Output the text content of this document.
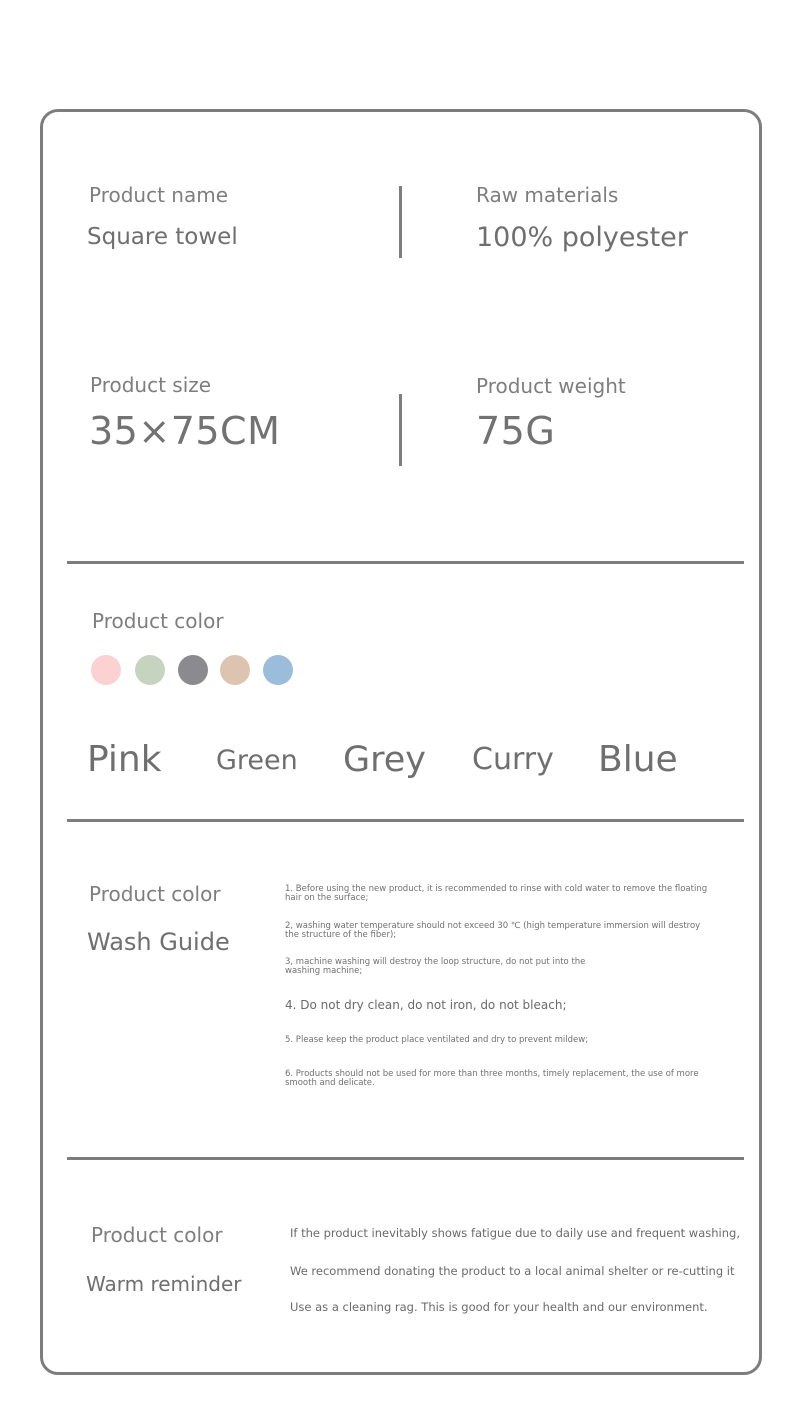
Product name
Square towel
Raw materials
100% polyester
Product size
35×75CM
Product weight
75G
Product color
Pink Green Grey Curry Blue
Product color
Wash Guide
1. Before using the new product, it is recommended to rinse with cold water to remove the floating hair on the surface;
2, washing water temperature should not exceed 30 ℃ (high temperature immersion will destroy the structure of the fiber);
3, machine washing will destroy the loop structure, do not put into the washing machine;
4. Do not dry clean, do not iron, do not bleach;
5. Please keep the product place ventilated and dry to prevent mildew;
6. Products should not be used for more than three months, timely replacement, the use of more smooth and delicate.
Product color
Warm reminder
If the product inevitably shows fatigue due to daily use and frequent washing,
We recommend donating the product to a local animal shelter or re-cutting it
Use as a cleaning rag. This is good for your health and our environment.
